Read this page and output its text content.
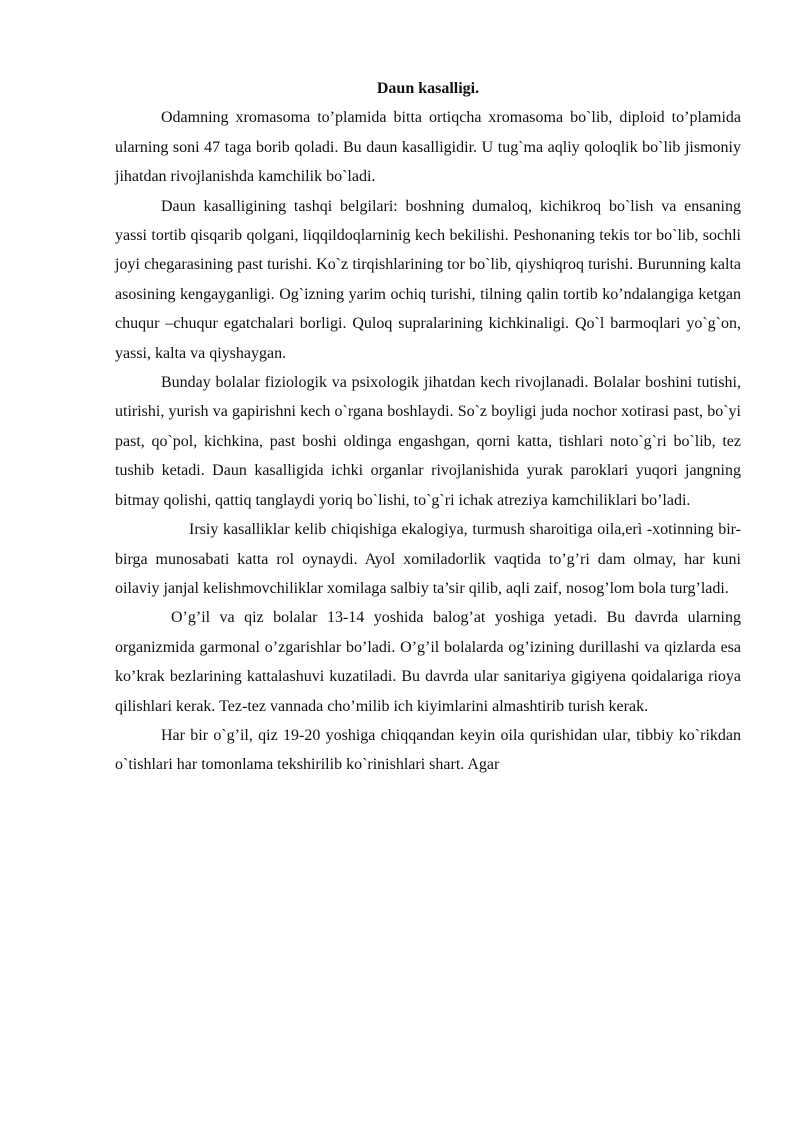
Daun kasalligi.

Odamning xromasoma to’plamida bitta ortiqcha xromasoma bo`lib, diploid to’plamida ularning soni 47 taga borib qoladi. Bu daun kasalligidir. U tug`ma aqliy qoloqlik bo`lib jismoniy jihatdan rivojlanishda kamchilik bo`ladi.

Daun kasalligining tashqi belgilari: boshning dumaloq, kichikroq bo`lish va ensaning yassi tortib qisqarib qolgani, liqqildoqlarninig kech bekilishi. Peshonaning tekis tor bo`lib, sochli joyi chegarasining past turishi. Ko`z tirqishlarining tor bo`lib, qiyshiqroq turishi. Burunning kalta asosining kengayganligi. Og`izning yarim ochiq turishi, tilning qalin tortib ko’ndalangiga ketgan chuqur –chuqur egatchalari borligi. Quloq supralarining kichkinaligi. Qo`l barmoqlari yo`g`on, yassi, kalta va qiyshaygan.

Bunday bolalar fiziologik va psixologik jihatdan kech rivojlanadi. Bolalar boshini tutishi, utirishi, yurish va gapirishni kech o`rgana boshlaydi. So`z boyligi juda nochor xotirasi past, bo`yi past, qo`pol, kichkina, past boshi oldinga engashgan, qorni katta, tishlari noto`g`ri bo`lib, tez tushib ketadi. Daun kasalligida ichki organlar rivojlanishida yurak paroklari yuqori jangning bitmay qolishi, qattiq tanglaydi yoriq bo`lishi, to`g`ri ichak atreziya kamchiliklari bo’ladi.

Irsiy kasalliklar kelib chiqishiga ekalogiya, turmush sharoitiga oila,erì -xotinning bir- birga munosabati katta rol oynaydi. Ayol xomiladorlik vaqtida to’g’ri dam olmay, har kuni oilaviy janjal kelishmovchiliklar xomilaga salbiy ta’sir qilib, aqli zaif, nosog’lom bola turg’ladi.

O’g’il va qiz bolalar 13-14 yoshida balog’at yoshiga yetadi. Bu davrda ularning organizmida garmonal o’zgarishlar bo’ladi. O’g’il bolalarda og’izining durillashi va qizlarda esa ko’krak bezlarining kattalashuvi kuzatiladi. Bu davrda ular sanitariya gigiyena qoidalariga rioya qilishlari kerak. Tez-tez vannada cho’milib ich kiyimlarini almashtirib turish kerak.

Har bir o`g’il, qiz 19-20 yoshiga chiqqandan keyin oila qurishidan ular, tibbiy ko`rikdan o`tishlari har tomonlama tekshirilib ko`rinishlari shart. Agar
